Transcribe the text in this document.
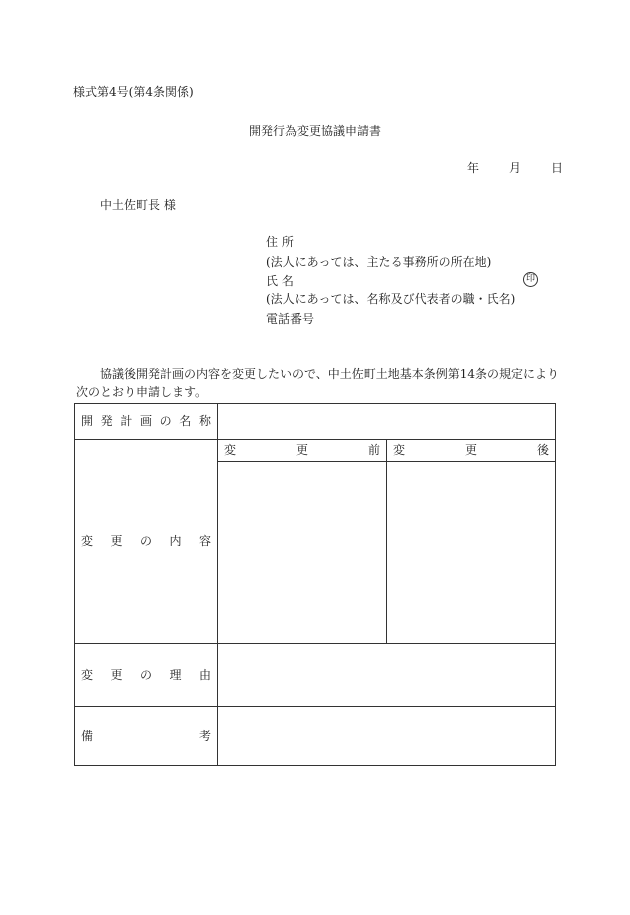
様式第4号(第4条関係)
開発行為変更協議申請書
年	月	日
中土佐町長 様
住 所
(法人にあっては、主たる事務所の所在地)
氏 名	印
(法人にあっては、名称及び代表者の職・氏名)
電話番号
協議後開発計画の内容を変更したいので、中土佐町土地基本条例第14条の規定により
次のとおり申請します。
開 発 計 画 の 名 称
変 更 の 内 容
変	更	前 変	更	後
変 更 の 理 由
備	考
